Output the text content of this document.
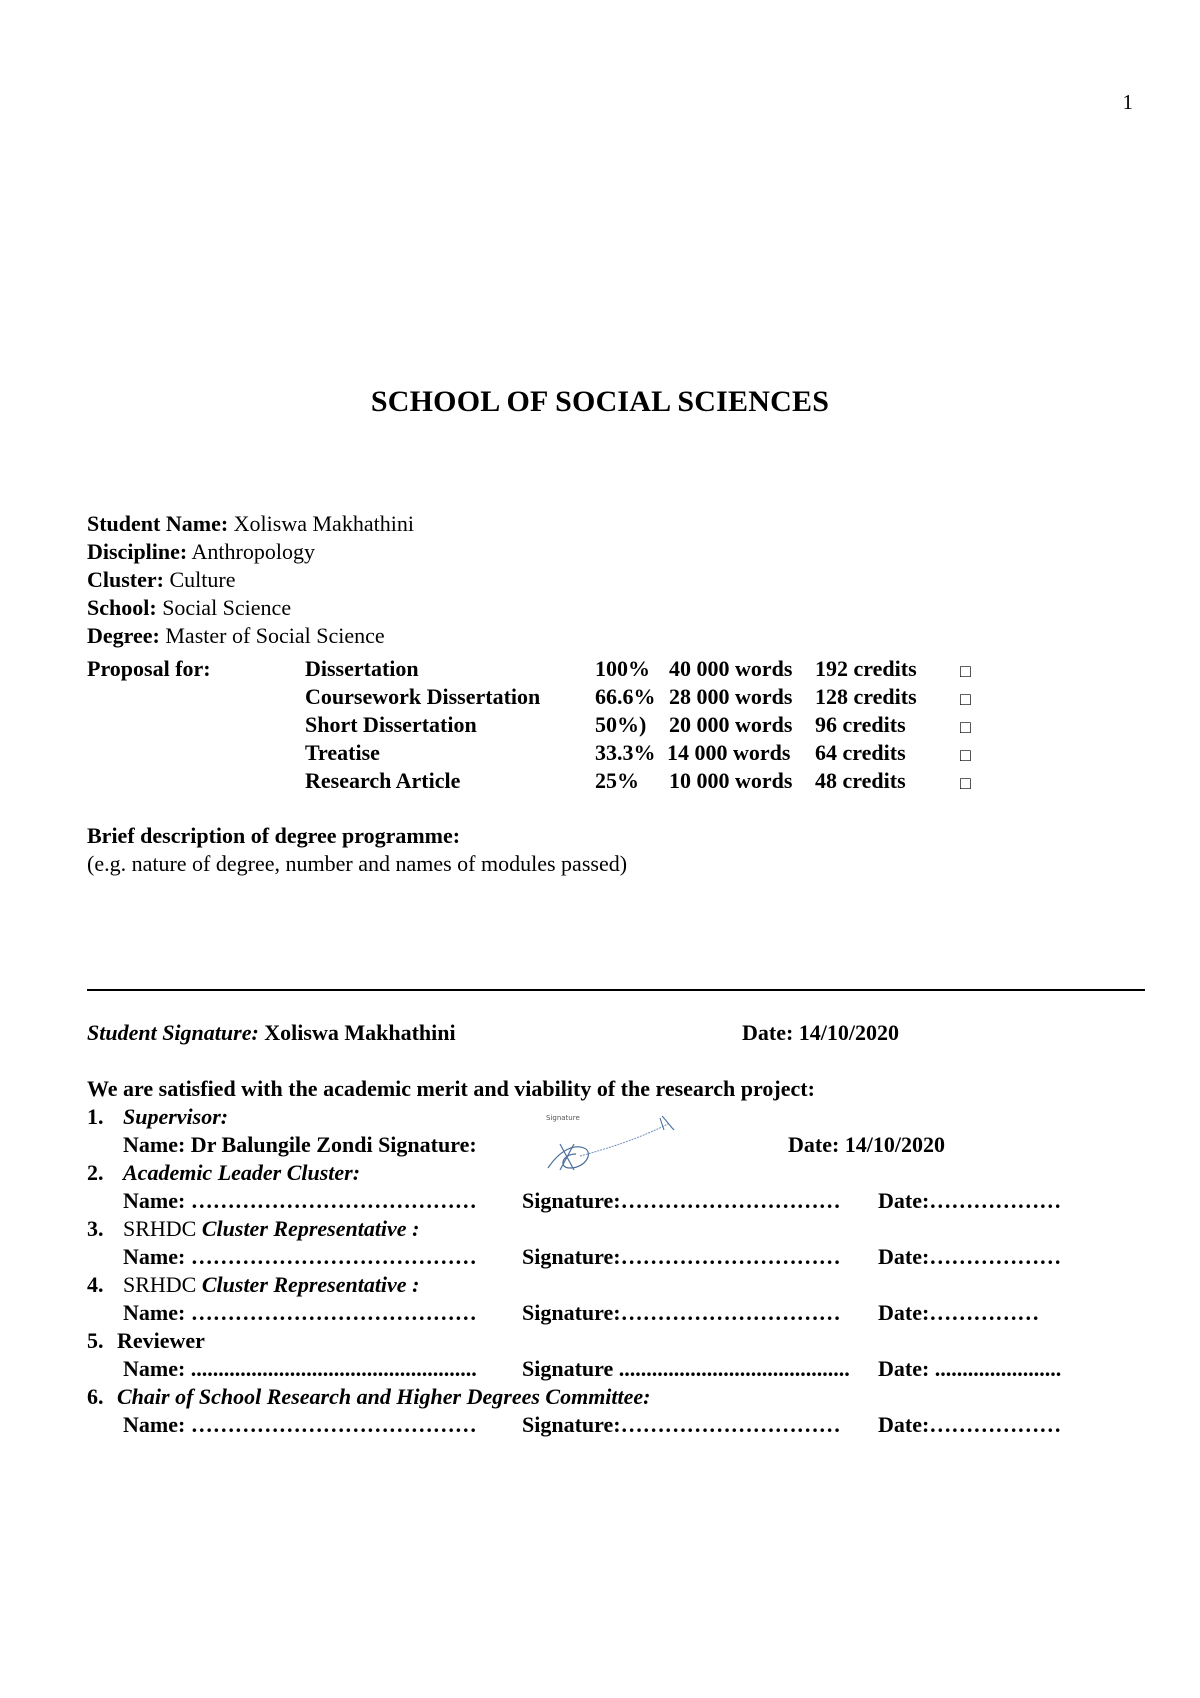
1
SCHOOL OF SOCIAL SCIENCES
Student Name: Xoliswa Makhathini
Discipline: Anthropology
Cluster: Culture
School: Social Science
Degree: Master of Social Science
Proposal for:	Dissertation	100% 40 000 words 192 credits □
Coursework Dissertation 66.6% 28 000 words 128 credits □
Short Dissertation	50%) 20 000 words 96 credits	□
Treatise	33.3% 14 000 words 64 credits	□
Research Article	25% 10 000 words 48 credits	□
Brief description of degree programme:
(e.g. nature of degree, number and names of modules passed)
Student Signature: Xoliswa Makhathini	Date: 14/10/2020
We are satisfied with the academic merit and viability of the research project:
1. Supervisor:
Name: Dr Balungile Zondi Signature:	Date: 14/10/2020
2. Academic Leader Cluster:
Name: ………………………………… Signature:………………………… Date:………………
3. SRHDC Cluster Representative :
Name: ………………………………… Signature:………………………… Date:………………
4. SRHDC Cluster Representative :
Name: ………………………………… Signature:………………………… Date:……………
5. Reviewer
Name: .................................................... Signature .......................................... Date: .......................
6. Chair of School Research and Higher Degrees Committee:
Name: ………………………………… Signature:………………………… Date:………………
Signature
